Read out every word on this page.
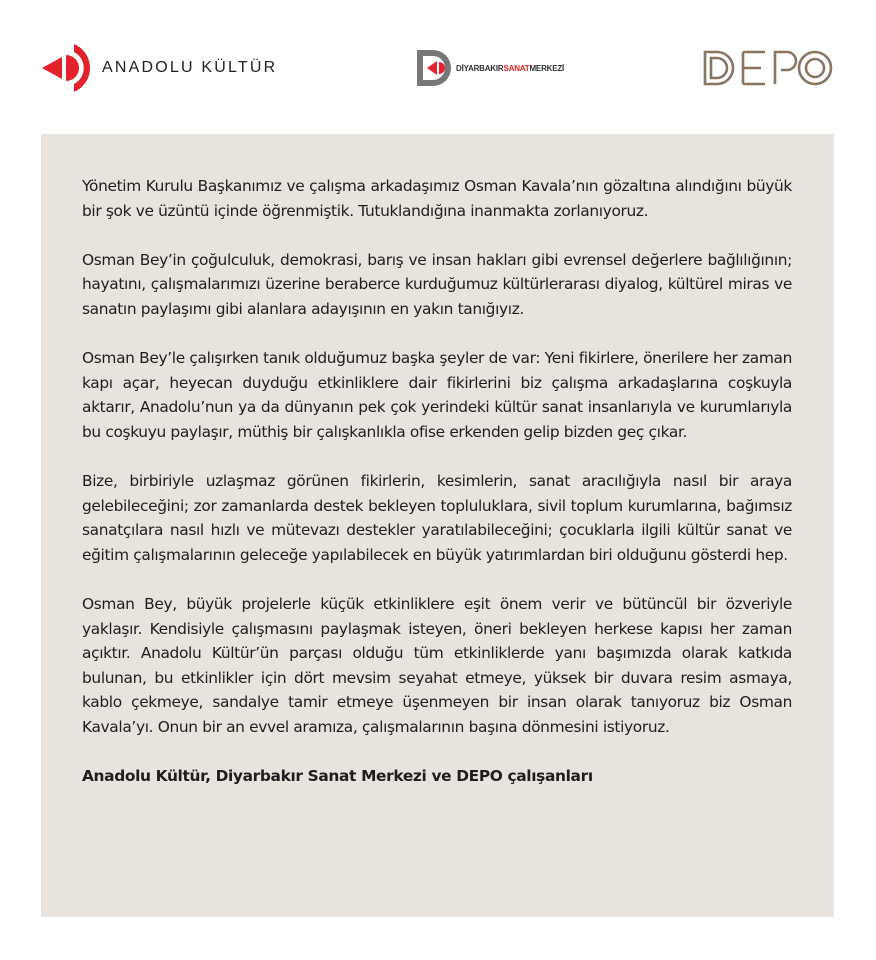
ANADOLU KÜLTÜR	DİYARBAKIRSANATMERKEZİ

Yönetim Kurulu Başkanımız ve çalışma arkadaşımız Osman Kavala’nın gözaltına alındığını büyük bir şok ve üzüntü içinde öğrenmiştik. Tutuklandığına inanmakta zorlanıyoruz.

Osman Bey’in çoğulculuk, demokrasi, barış ve insan hakları gibi evrensel değerlere bağlılığının; hayatını, çalışmalarımızı üzerine beraberce kurduğumuz kültürlerarası diyalog, kültürel miras ve sanatın paylaşımı gibi alanlara adayışının en yakın tanığıyız.

Osman Bey’le çalışırken tanık olduğumuz başka şeyler de var: Yeni fikirlere, önerilere her zaman kapı açar, heyecan duyduğu etkinliklere dair fikirlerini biz çalışma arkadaşlarına coşkuyla aktarır, Anadolu’nun ya da dünyanın pek çok yerindeki kültür sanat insanlarıyla ve kurumlarıyla bu coşkuyu paylaşır, müthiş bir çalışkanlıkla ofise erkenden gelip bizden geç çıkar.

Bize, birbiriyle uzlaşmaz görünen fikirlerin, kesimlerin, sanat aracılığıyla nasıl bir araya gelebileceğini; zor zamanlarda destek bekleyen topluluklara, sivil toplum kurumlarına, bağımsız sanatçılara nasıl hızlı ve mütevazı destekler yaratılabileceğini; çocuklarla ilgili kültür sanat ve eğitim çalışmalarının geleceğe yapılabilecek en büyük yatırımlardan biri olduğunu gösterdi hep.

Osman Bey, büyük projelerle küçük etkinliklere eşit önem verir ve bütüncül bir özveriyle yaklaşır. Kendisiyle çalışmasını paylaşmak isteyen, öneri bekleyen herkese kapısı her zaman açıktır. Anadolu Kültür’ün parçası olduğu tüm etkinliklerde yanı başımızda olarak katkıda bulunan, bu etkinlikler için dört mevsim seyahat etmeye, yüksek bir duvara resim asmaya, kablo çekmeye, sandalye tamir etmeye üşenmeyen bir insan olarak tanıyoruz biz Osman Kavala’yı. Onun bir an evvel aramıza, çalışmalarının başına dönmesini istiyoruz.

Anadolu Kültür, Diyarbakır Sanat Merkezi ve DEPO çalışanları
